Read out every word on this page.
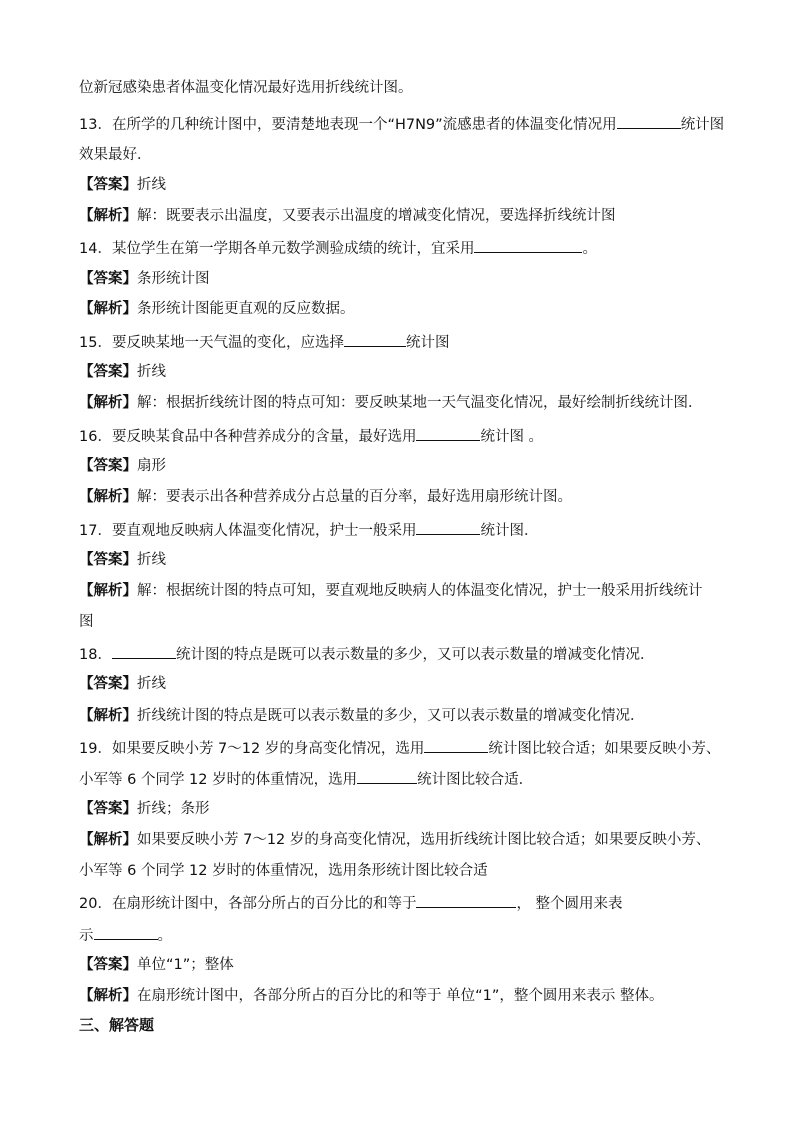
位新冠感染患者体温变化情况最好选用折线统计图。
13．在所学的几种统计图中，要清楚地表现一个“H7N9”流感患者的体温变化情况用	统计图
效果最好．
【答案】折线
【解析】解：既要表示出温度，又要表示出温度的增减变化情况，要选择折线统计图
14．某位学生在第一学期各单元数学测验成绩的统计，宜采用	。
【答案】条形统计图
【解析】条形统计图能更直观的反应数据。
15．要反映某地一天气温的变化，应选择	统计图
【答案】折线
【解析】解：根据折线统计图的特点可知：要反映某地一天气温变化情况，最好绘制折线统计图．
16．要反映某食品中各种营养成分的含量，最好选用	统计图 。
【答案】扇形
【解析】解：要表示出各种营养成分占总量的百分率，最好选用扇形统计图。
17．要直观地反映病人体温变化情况，护士一般采用	统计图．
【答案】折线
【解析】解：根据统计图的特点可知，要直观地反映病人的体温变化情况，护士一般采用折线统计
图
18．	统计图的特点是既可以表示数量的多少，又可以表示数量的增减变化情况．
【答案】折线
【解析】折线统计图的特点是既可以表示数量的多少，又可以表示数量的增减变化情况．
19．如果要反映小芳 7～12 岁的身高变化情况，选用	统计图比较合适；如果要反映小芳、
小军等 6 个同学 12 岁时的体重情况，选用	统计图比较合适．
【答案】折线；条形
【解析】如果要反映小芳 7～12 岁的身高变化情况，选用折线统计图比较合适；如果要反映小芳、
小军等 6 个同学 12 岁时的体重情况，选用条形统计图比较合适
20．在扇形统计图中，各部分所占的百分比的和等于	， 整个圆用来表
示	。
【答案】单位“1”；整体
【解析】在扇形统计图中，各部分所占的百分比的和等于 单位“1”，整个圆用来表示 整体。
三、解答题
